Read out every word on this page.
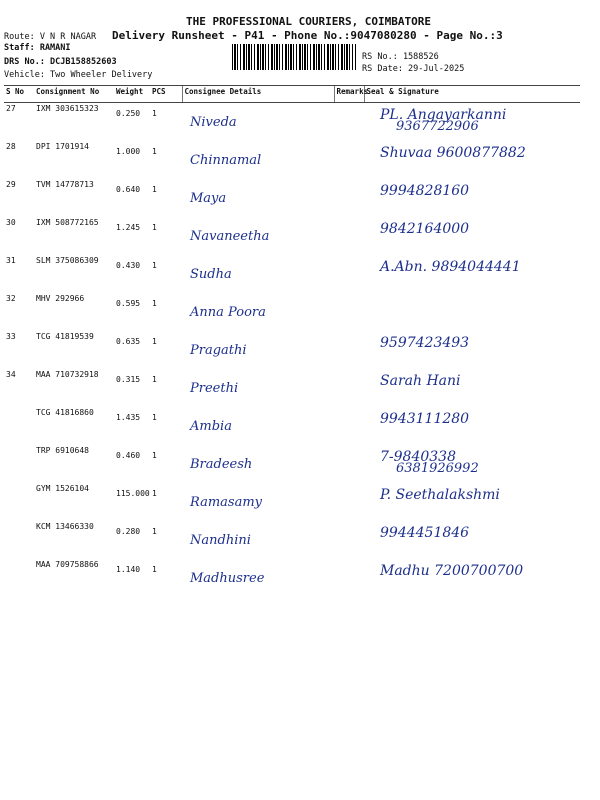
THE PROFESSIONAL COURIERS, COIMBATORE
Delivery Runsheet - P41 - Phone No.:9047080280 - Page No.:3
Route: V N R NAGAR
Staff: RAMANI
DRS No.: DCJB158852603
Vehicle: Two Wheeler Delivery
RS No.: 1588526
RS Date: 29-Jul-2025
S No	Consignment No	Weight	PCS	Consignee Details	Remarks	Seal & Signature
27	IXM 303615323	0.250	1	Niveda		PL. Angayarkanni
9367722906

28	DPI 1701914	1.000	1	Chinnamal		Shuvaa 9600877882
29	TVM 14778713	0.640	1	Maya		9994828160
30	IXM 508772165	1.245	1	Navaneetha		9842164000
31	SLM 375086309	0.430	1	Sudha		A.Abn. 9894044441
32	MHV 292966	0.595	1	Anna Poora		
33	TCG 41819539	0.635	1	Pragathi		9597423493
34	MAA 710732918	0.315	1	Preethi		Sarah Hani
	TCG 41816860	1.435	1	Ambia		9943111280
	TRP 6910648	0.460	1	Bradeesh		7-9840338
6381926992

	GYM 1526104	115.000	1	Ramasamy		P. Seethalakshmi
	KCM 13466330	0.280	1	Nandhini		9944451846
	MAA 709758866	1.140	1	Madhusree		Madhu 7200700700
